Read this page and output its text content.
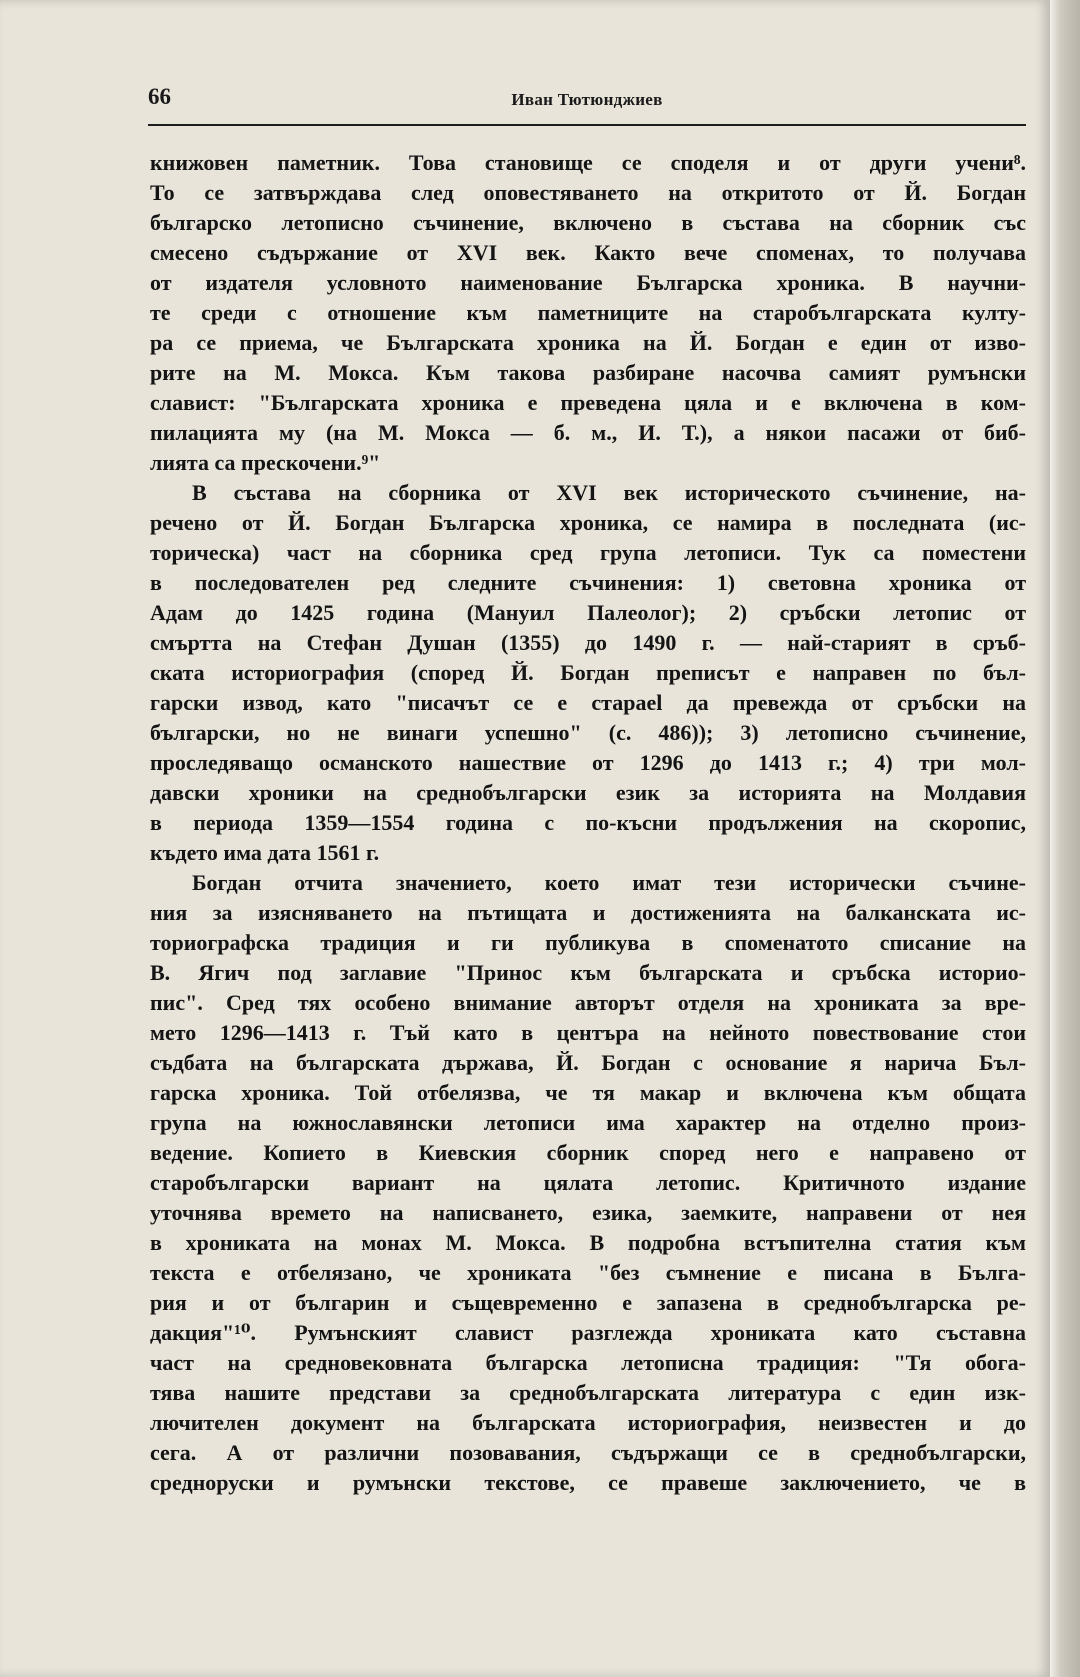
66	Иван Тютюнджиев
книжовен паметник. Това становище се споделя и от други учени⁸.
То се затвърждава след оповестяването на откритото от Й. Богдан
българско летописно съчинение, включено в състава на сборник със
смесено съдържание от XVI век. Както вече споменах, то получава
от издателя условното наименование Българска хроника. В научни-
те среди с отношение към паметниците на старобългарската култу-
ра се приема, че Българската хроника на Й. Богдан е един от изво-
рите на М. Мокса. Към такова разбиране насочва самият румънски
славист: "Българската хроника е преведена цяла и е включена в ком-
пилацията му (на М. Мокса — б. м., И. Т.), а някои пасажи от биб-
лията са прескочени.⁹"
В състава на сборника от XVI век историческото съчинение, на-
речено от Й. Богдан Българска хроника, се намира в последната (ис-
торическа) част на сборника сред група летописи. Тук са поместени
в последователен ред следните съчинения: 1) световна хроника от
Адам до 1425 година (Мануил Палеолог); 2) сръбски летопис от
смъртта на Стефан Душан (1355) до 1490 г. — най-старият в сръб-
ската историография (според Й. Богдан преписът е направен по бъл-
гарски извод, като "писачът се е старael да превежда от сръбски на
български, но не винаги успешно" (с. 486)); 3) летописно съчинение,
проследяващо османското нашествие от 1296 до 1413 г.; 4) три мол-
давски хроники на среднобългарски език за историята на Молдавия
в периода 1359—1554 година с по-късни продължения на скоропис,
където има дата 1561 г.
Богдан отчита значението, което имат тези исторически съчине-
ния за изясняването на пътищата и достиженията на балканската ис-
ториографска традиция и ги публикува в споменатото списание на
В. Ягич под заглавие "Принос към българската и сръбска историо-
пис". Сред тях особено внимание авторът отделя на хрониката за вре-
мето 1296—1413 г. Тъй като в центъра на нейното повествование стои
съдбата на българската държава, Й. Богдан с основание я нарича Бъл-
гарска хроника. Той отбелязва, че тя макар и включена към общата
група на южнославянски летописи има характер на отделно произ-
ведение. Копието в Киевския сборник според него е направено от
старобългарски вариант на цялата летопис. Критичното издание
уточнява времето на написването, езика, заемките, направени от нея
в хрониката на монах М. Мокса. В подробна встъпителна статия към
текста е отбелязано, че хрониката "без съмнение е писана в Бълга-
рия и от българин и същевременно е запазена в среднобългарска ре-
дакция"¹⁰. Румънският славист разглежда хрониката като съставна
част на средновековната българска летописна традиция: "Тя обога-
тява нашите представи за среднобългарската литература с един изк-
лючителен документ на българската историография, неизвестен и до
сега. А от различни позовавания, съдържащи се в среднобългарски,
среднoруски и румънски текстове, се правеше заключението, че в
